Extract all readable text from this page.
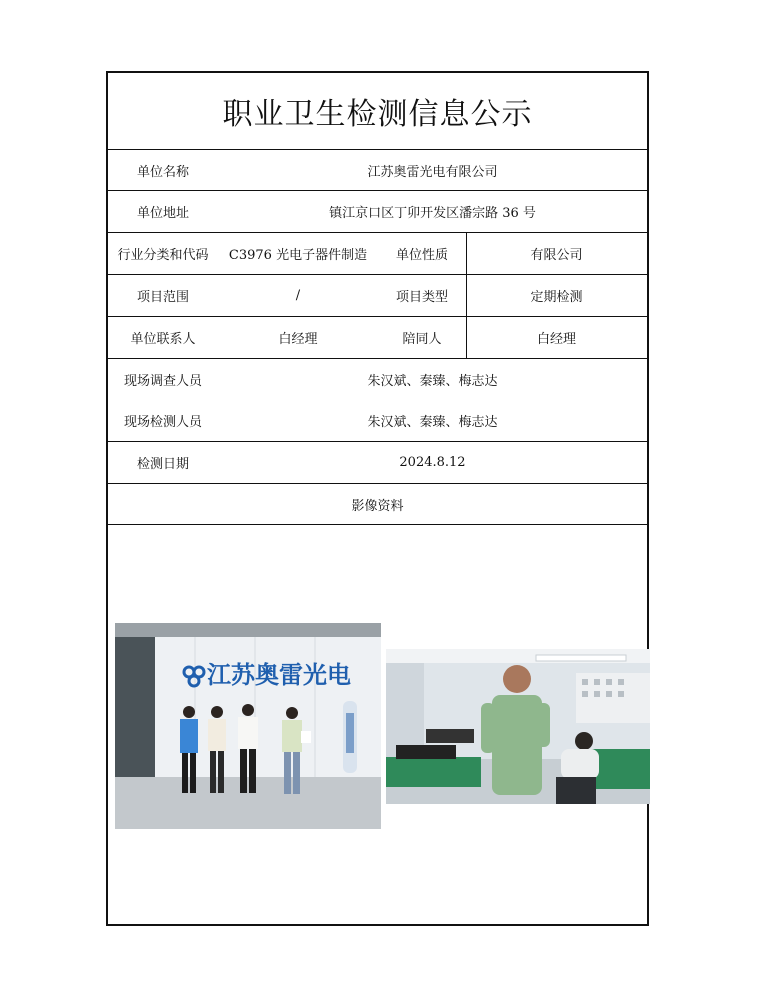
职业卫生检测信息公示
单位名称	江苏奥雷光电有限公司
单位地址	镇江京口区丁卯开发区潘宗路 36 号
行业分类和代码	C3976 光电子器件制造	单位性质	有限公司
项目范围	/	项目类型	定期检测
单位联系人	白经理	陪同人	白经理
现场调查人员	朱汉斌、秦臻、梅志达
现场检测人员	朱汉斌、秦臻、梅志达
检测日期	2024.8.12
影像资料
江苏奥雷光电
